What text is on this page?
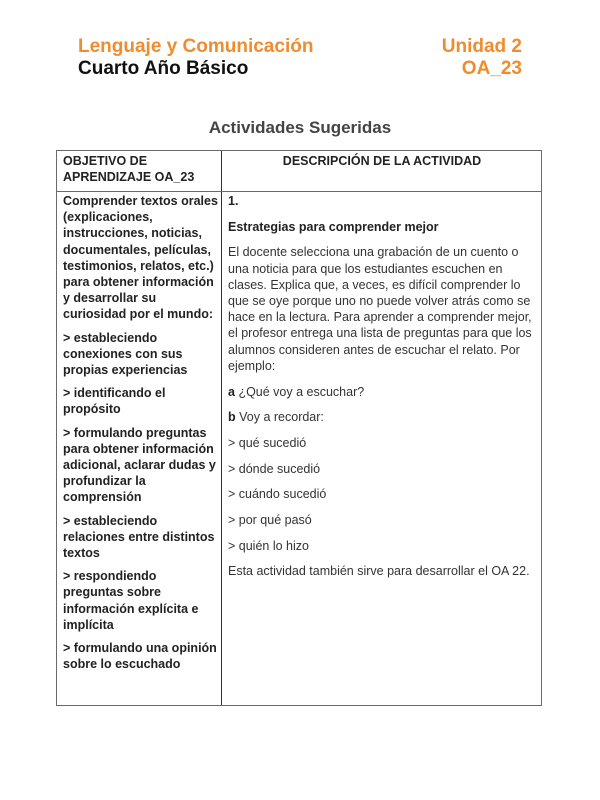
Lenguaje y Comunicación	Unidad 2
Cuarto Año Básico	OA_23
Actividades Sugeridas
OBJETIVO DE APRENDIZAJE OA_23
DESCRIPCIÓN DE LA ACTIVIDAD

Comprender textos orales (explicaciones, instrucciones, noticias, documentales, películas, testimonios, relatos, etc.) para obtener información y desarrollar su curiosidad por el mundo:

> estableciendo conexiones con sus propias experiencias

> identificando el propósito

> formulando preguntas para obtener información adicional, aclarar dudas y profundizar la comprensión

> estableciendo relaciones entre distintos textos

> respondiendo preguntas sobre información explícita e implícita

> formulando una opinión sobre lo escuchado

1.

Estrategias para comprender mejor

El docente selecciona una grabación de un cuento o una noticia para que los estudiantes escuchen en clases. Explica que, a veces, es difícil comprender lo que se oye porque uno no puede volver atrás como se hace en la lectura. Para aprender a comprender mejor, el profesor entrega una lista de preguntas para que los alumnos consideren antes de escuchar el relato. Por ejemplo:

a ¿Qué voy a escuchar?

b Voy a recordar:

> qué sucedió

> dónde sucedió

> cuándo sucedió

> por qué pasó

> quién lo hizo

Esta actividad también sirve para desarrollar el OA 22.
